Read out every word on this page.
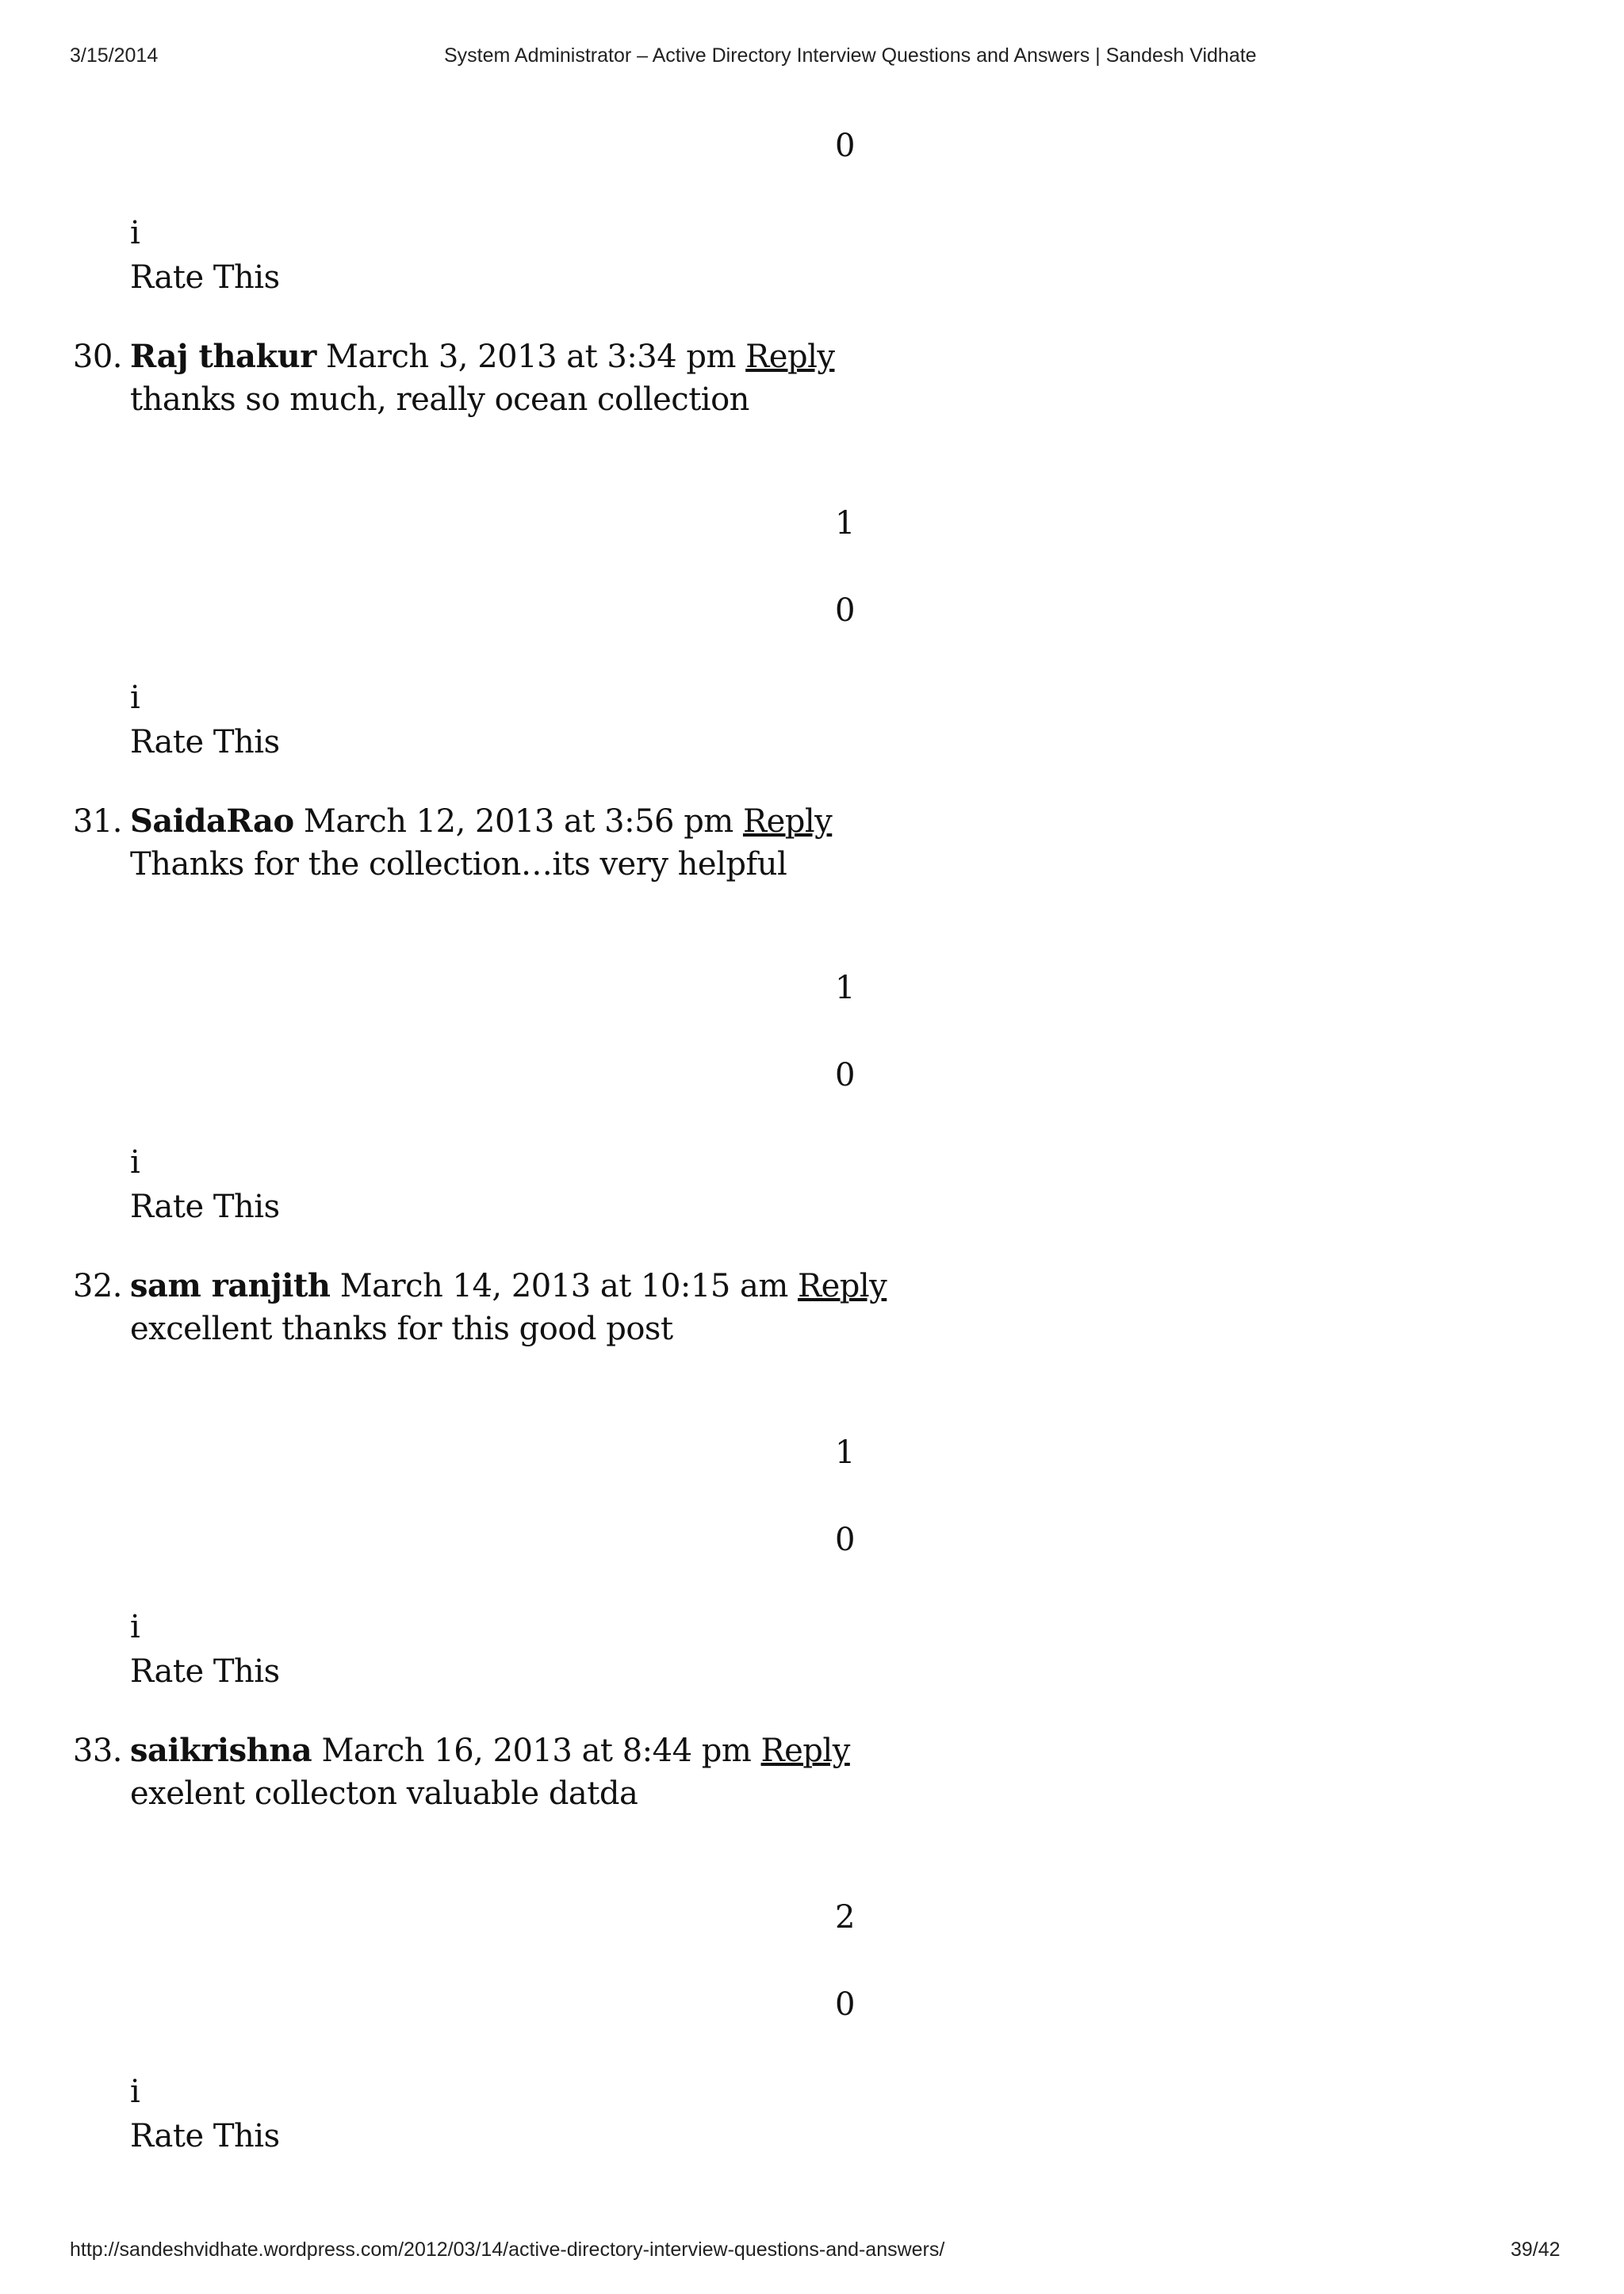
3/15/2014	System Administrator – Active Directory Interview Questions and Answers | Sandesh Vidhate
0
i
Rate This
30. Raj thakur March 3, 2013 at 3:34 pm Reply
thanks so much, really ocean collection
1
0
i
Rate This
31. SaidaRao March 12, 2013 at 3:56 pm Reply
Thanks for the collection…its very helpful
1
0
i
Rate This
32. sam ranjith March 14, 2013 at 10:15 am Reply
excellent thanks for this good post
1
0
i
Rate This
33. saikrishna March 16, 2013 at 8:44 pm Reply
exelent collecton valuable datda
2
0
i
Rate This
http://sandeshvidhate.wordpress.com/2012/03/14/active-directory-interview-questions-and-answers/	39/42
